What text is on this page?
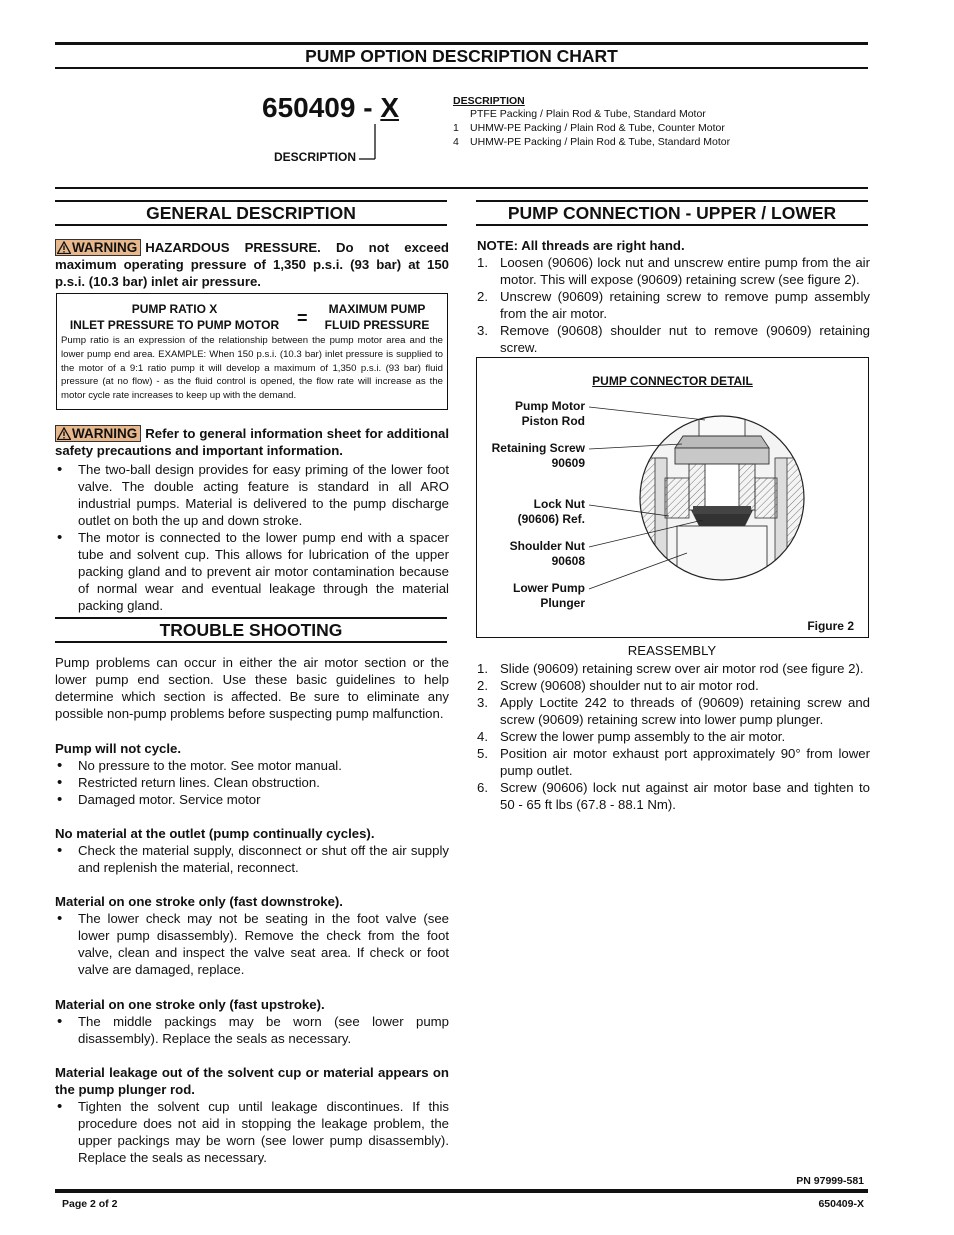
PUMP OPTION DESCRIPTION CHART
650409 - X
DESCRIPTION
DESCRIPTION
PTFE Packing / Plain Rod & Tube, Standard Motor
1 UHMW-PE Packing / Plain Rod & Tube, Counter Motor
4 UHMW-PE Packing / Plain Rod & Tube, Standard Motor
GENERAL DESCRIPTION
WARNING HAZARDOUS PRESSURE. Do not exceed maximum operating pressure of 1,350 p.s.i. (93 bar) at 150 p.s.i. (10.3 bar) inlet air pressure.
PUMP RATIO X
INLET PRESSURE TO PUMP MOTOR =	MAXIMUM PUMP
FLUID PRESSURE
Pump ratio is an expression of the relationship between the pump motor area and the lower pump end area. EXAMPLE: When 150 p.s.i. (10.3 bar) inlet pressure is supplied to the motor of a 9:1 ratio pump it will develop a maximum of 1,350 p.s.i. (93 bar) fluid pressure (at no flow) - as the fluid control is opened, the flow rate will increase as the motor cycle rate increases to keep up with the demand.
WARNING Refer to general information sheet for additional safety precautions and important information.
• The two-ball design provides for easy priming of the lower foot valve. The double acting feature is standard in all ARO industrial pumps. Material is delivered to the pump discharge outlet on both the up and down stroke.
• The motor is connected to the lower pump end with a spacer tube and solvent cup. This allows for lubrication of the upper packing gland and to prevent air motor contamination because of normal wear and eventual leakage through the material packing gland.
TROUBLE SHOOTING
Pump problems can occur in either the air motor section or the lower pump end section. Use these basic guidelines to help determine which section is affected. Be sure to eliminate any possible non-pump problems before suspecting pump malfunction.
Pump will not cycle.
• No pressure to the motor. See motor manual.
• Restricted return lines. Clean obstruction.
• Damaged motor. Service motor
No material at the outlet (pump continually cycles).
• Check the material supply, disconnect or shut off the air supply and replenish the material, reconnect.
Material on one stroke only (fast downstroke).
• The lower check may not be seating in the foot valve (see lower pump disassembly). Remove the check from the foot valve, clean and inspect the valve seat area. If check or foot valve are damaged, replace.
Material on one stroke only (fast upstroke).
• The middle packings may be worn (see lower pump disassembly). Replace the seals as necessary.
Material leakage out of the solvent cup or material appears on the pump plunger rod.
• Tighten the solvent cup until leakage discontinues. If this procedure does not aid in stopping the leakage problem, the upper packings may be worn (see lower pump disassembly). Replace the seals as necessary.
PUMP CONNECTION - UPPER / LOWER
NOTE: All threads are right hand.
1. Loosen (90606) lock nut and unscrew entire pump from the air motor. This will expose (90609) retaining screw (see figure 2).
2. Unscrew (90609) retaining screw to remove pump assembly from the air motor.
3. Remove (90608) shoulder nut to remove (90609) retaining screw.
PUMP CONNECTOR DETAIL
Pump Motor
Piston Rod
Retaining Screw
90609
Lock Nut
(90606) Ref.
Shoulder Nut
90608
Lower Pump
Plunger
Figure 2
REASSEMBLY
1. Slide (90609) retaining screw over air motor rod (see figure 2).
2. Screw (90608) shoulder nut to air motor rod.
3. Apply Loctite 242 to threads of (90609) retaining screw and screw (90609) retaining screw into lower pump plunger.
4. Screw the lower pump assembly to the air motor.
5. Position air motor exhaust port approximately 90° from lower pump outlet.
6. Screw (90606) lock nut against air motor base and tighten to 50 - 65 ft lbs (67.8 - 88.1 Nm).
PN 97999-581
Page 2 of 2	650409-X
